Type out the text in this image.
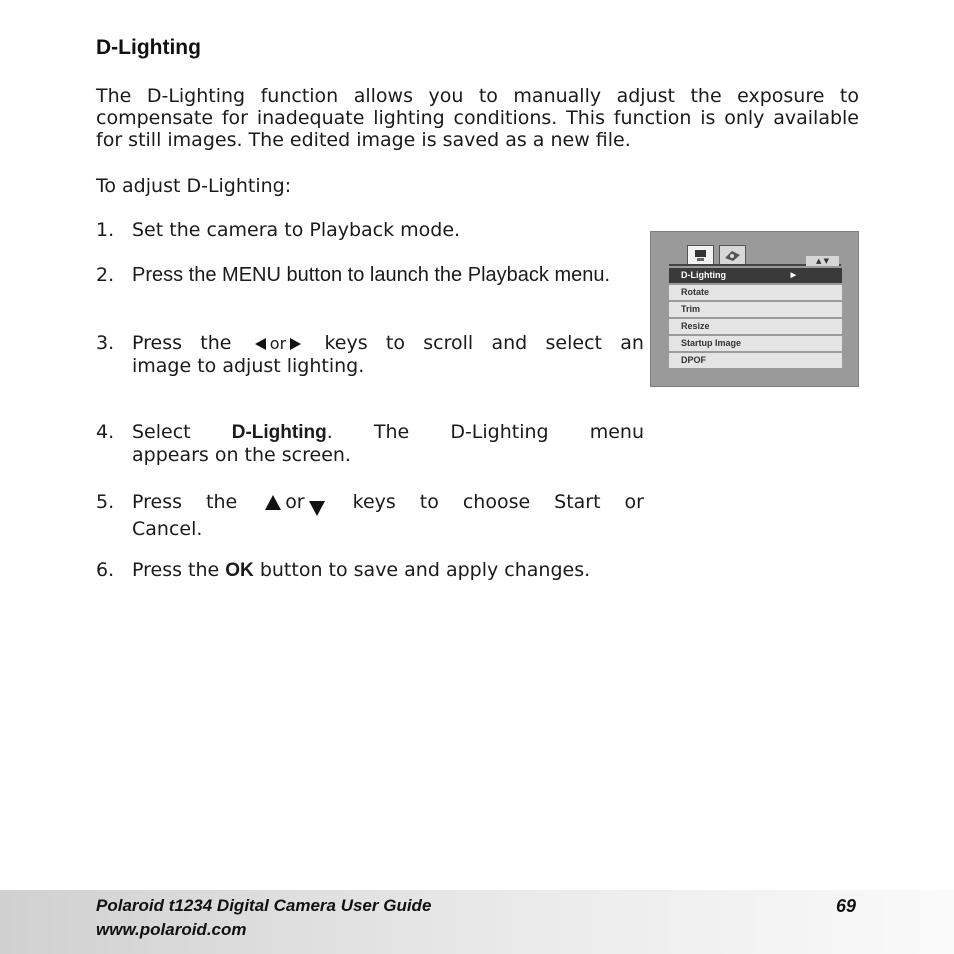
D-Lighting

The D-Lighting function allows you to manually adjust the exposure to compensate for inadequate lighting conditions. This function is only available for still images. The edited image is saved as a new file.

To adjust D-Lighting:
1. Set the camera to Playback mode.
2. Press the MENU button to launch the Playback menu.
3. Press the or keys to scroll and select an
image to adjust lighting.
4. Select D-Lighting. The D-Lighting menu
appears on the screen.
5. Press the	or	keys to choose Start or
Cancel.
6. Press the OK button to save and apply changes.
▲ ▼
D-Lighting	▶
Rotate
Trim
Resize
Startup Image
DPOF
Polaroid t1234 Digital Camera User Guide
www.polaroid.com
69
